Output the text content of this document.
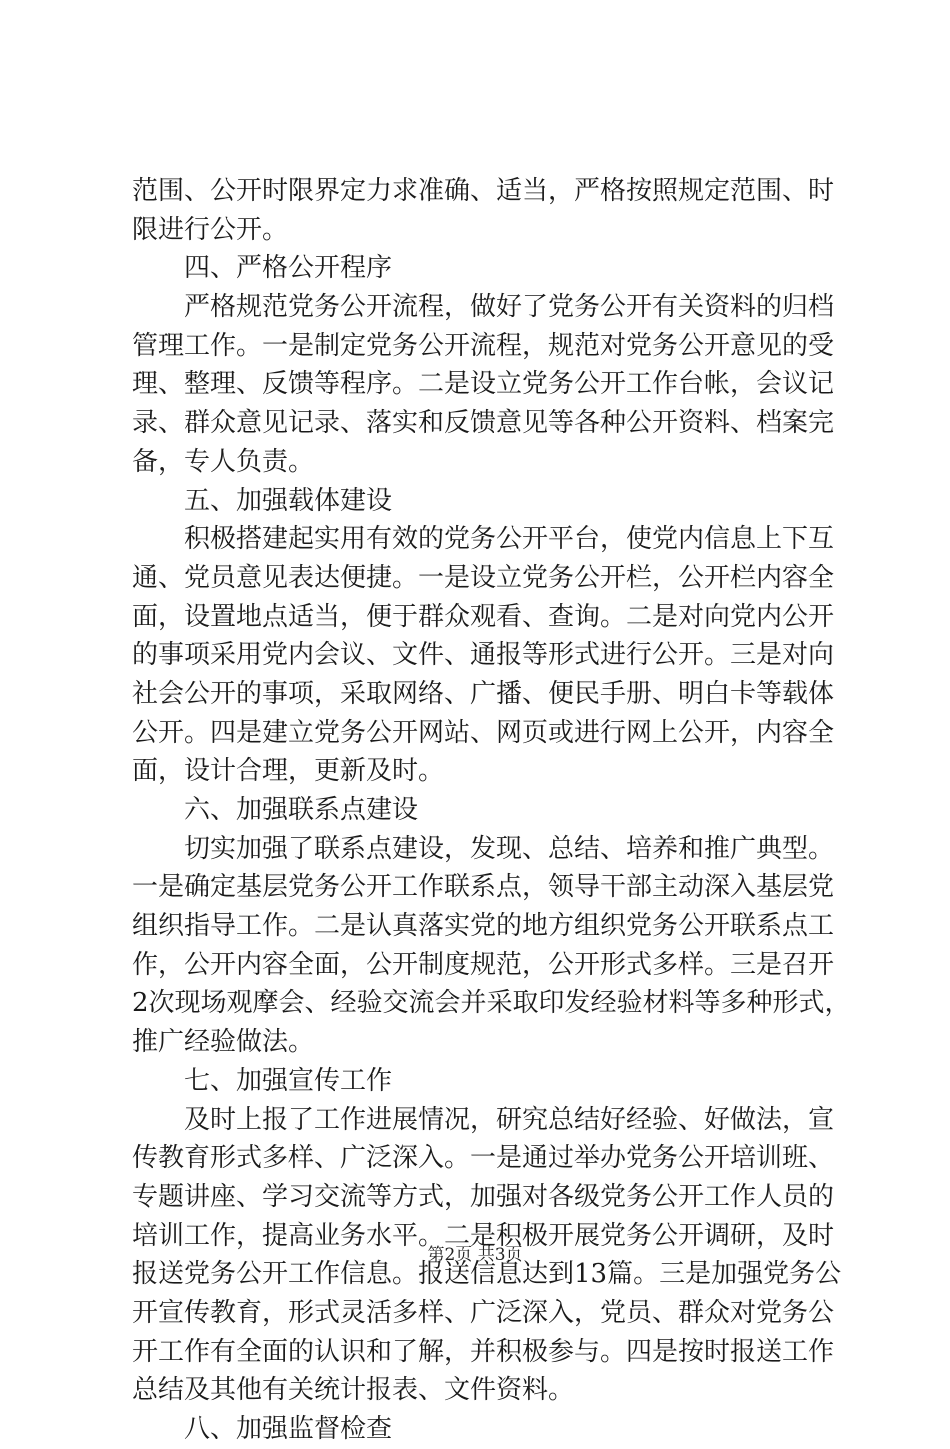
范围、公开时限界定力求准确、适当，严格按照规定范围、时
限进行公开。
四、严格公开程序
严格规范党务公开流程，做好了党务公开有关资料的归档
管理工作。一是制定党务公开流程，规范对党务公开意见的受
理、整理、反馈等程序。二是设立党务公开工作台帐，会议记
录、群众意见记录、落实和反馈意见等各种公开资料、档案完
备，专人负责。
五、加强载体建设
积极搭建起实用有效的党务公开平台，使党内信息上下互
通、党员意见表达便捷。一是设立党务公开栏，公开栏内容全
面，设置地点适当，便于群众观看、查询。二是对向党内公开
的事项采用党内会议、文件、通报等形式进行公开。三是对向
社会公开的事项，采取网络、广播、便民手册、明白卡等载体
公开。四是建立党务公开网站、网页或进行网上公开，内容全
面，设计合理，更新及时。
六、加强联系点建设
切实加强了联系点建设，发现、总结、培养和推广典型。
一是确定基层党务公开工作联系点，领导干部主动深入基层党
组织指导工作。二是认真落实党的地方组织党务公开联系点工
作，公开内容全面，公开制度规范，公开形式多样。三是召开
2次现场观摩会、经验交流会并采取印发经验材料等多种形式，
推广经验做法。
七、加强宣传工作
及时上报了工作进展情况，研究总结好经验、好做法，宣
传教育形式多样、广泛深入。一是通过举办党务公开培训班、
专题讲座、学习交流等方式，加强对各级党务公开工作人员的
培训工作，提高业务水平。二是积极开展党务公开调研，及时
报送党务公开工作信息。报送信息达到13篇。三是加强党务公
开宣传教育，形式灵活多样、广泛深入，党员、群众对党务公
开工作有全面的认识和了解，并积极参与。四是按时报送工作
总结及其他有关统计报表、文件资料。
八、加强监督检查
第2页 共3页
